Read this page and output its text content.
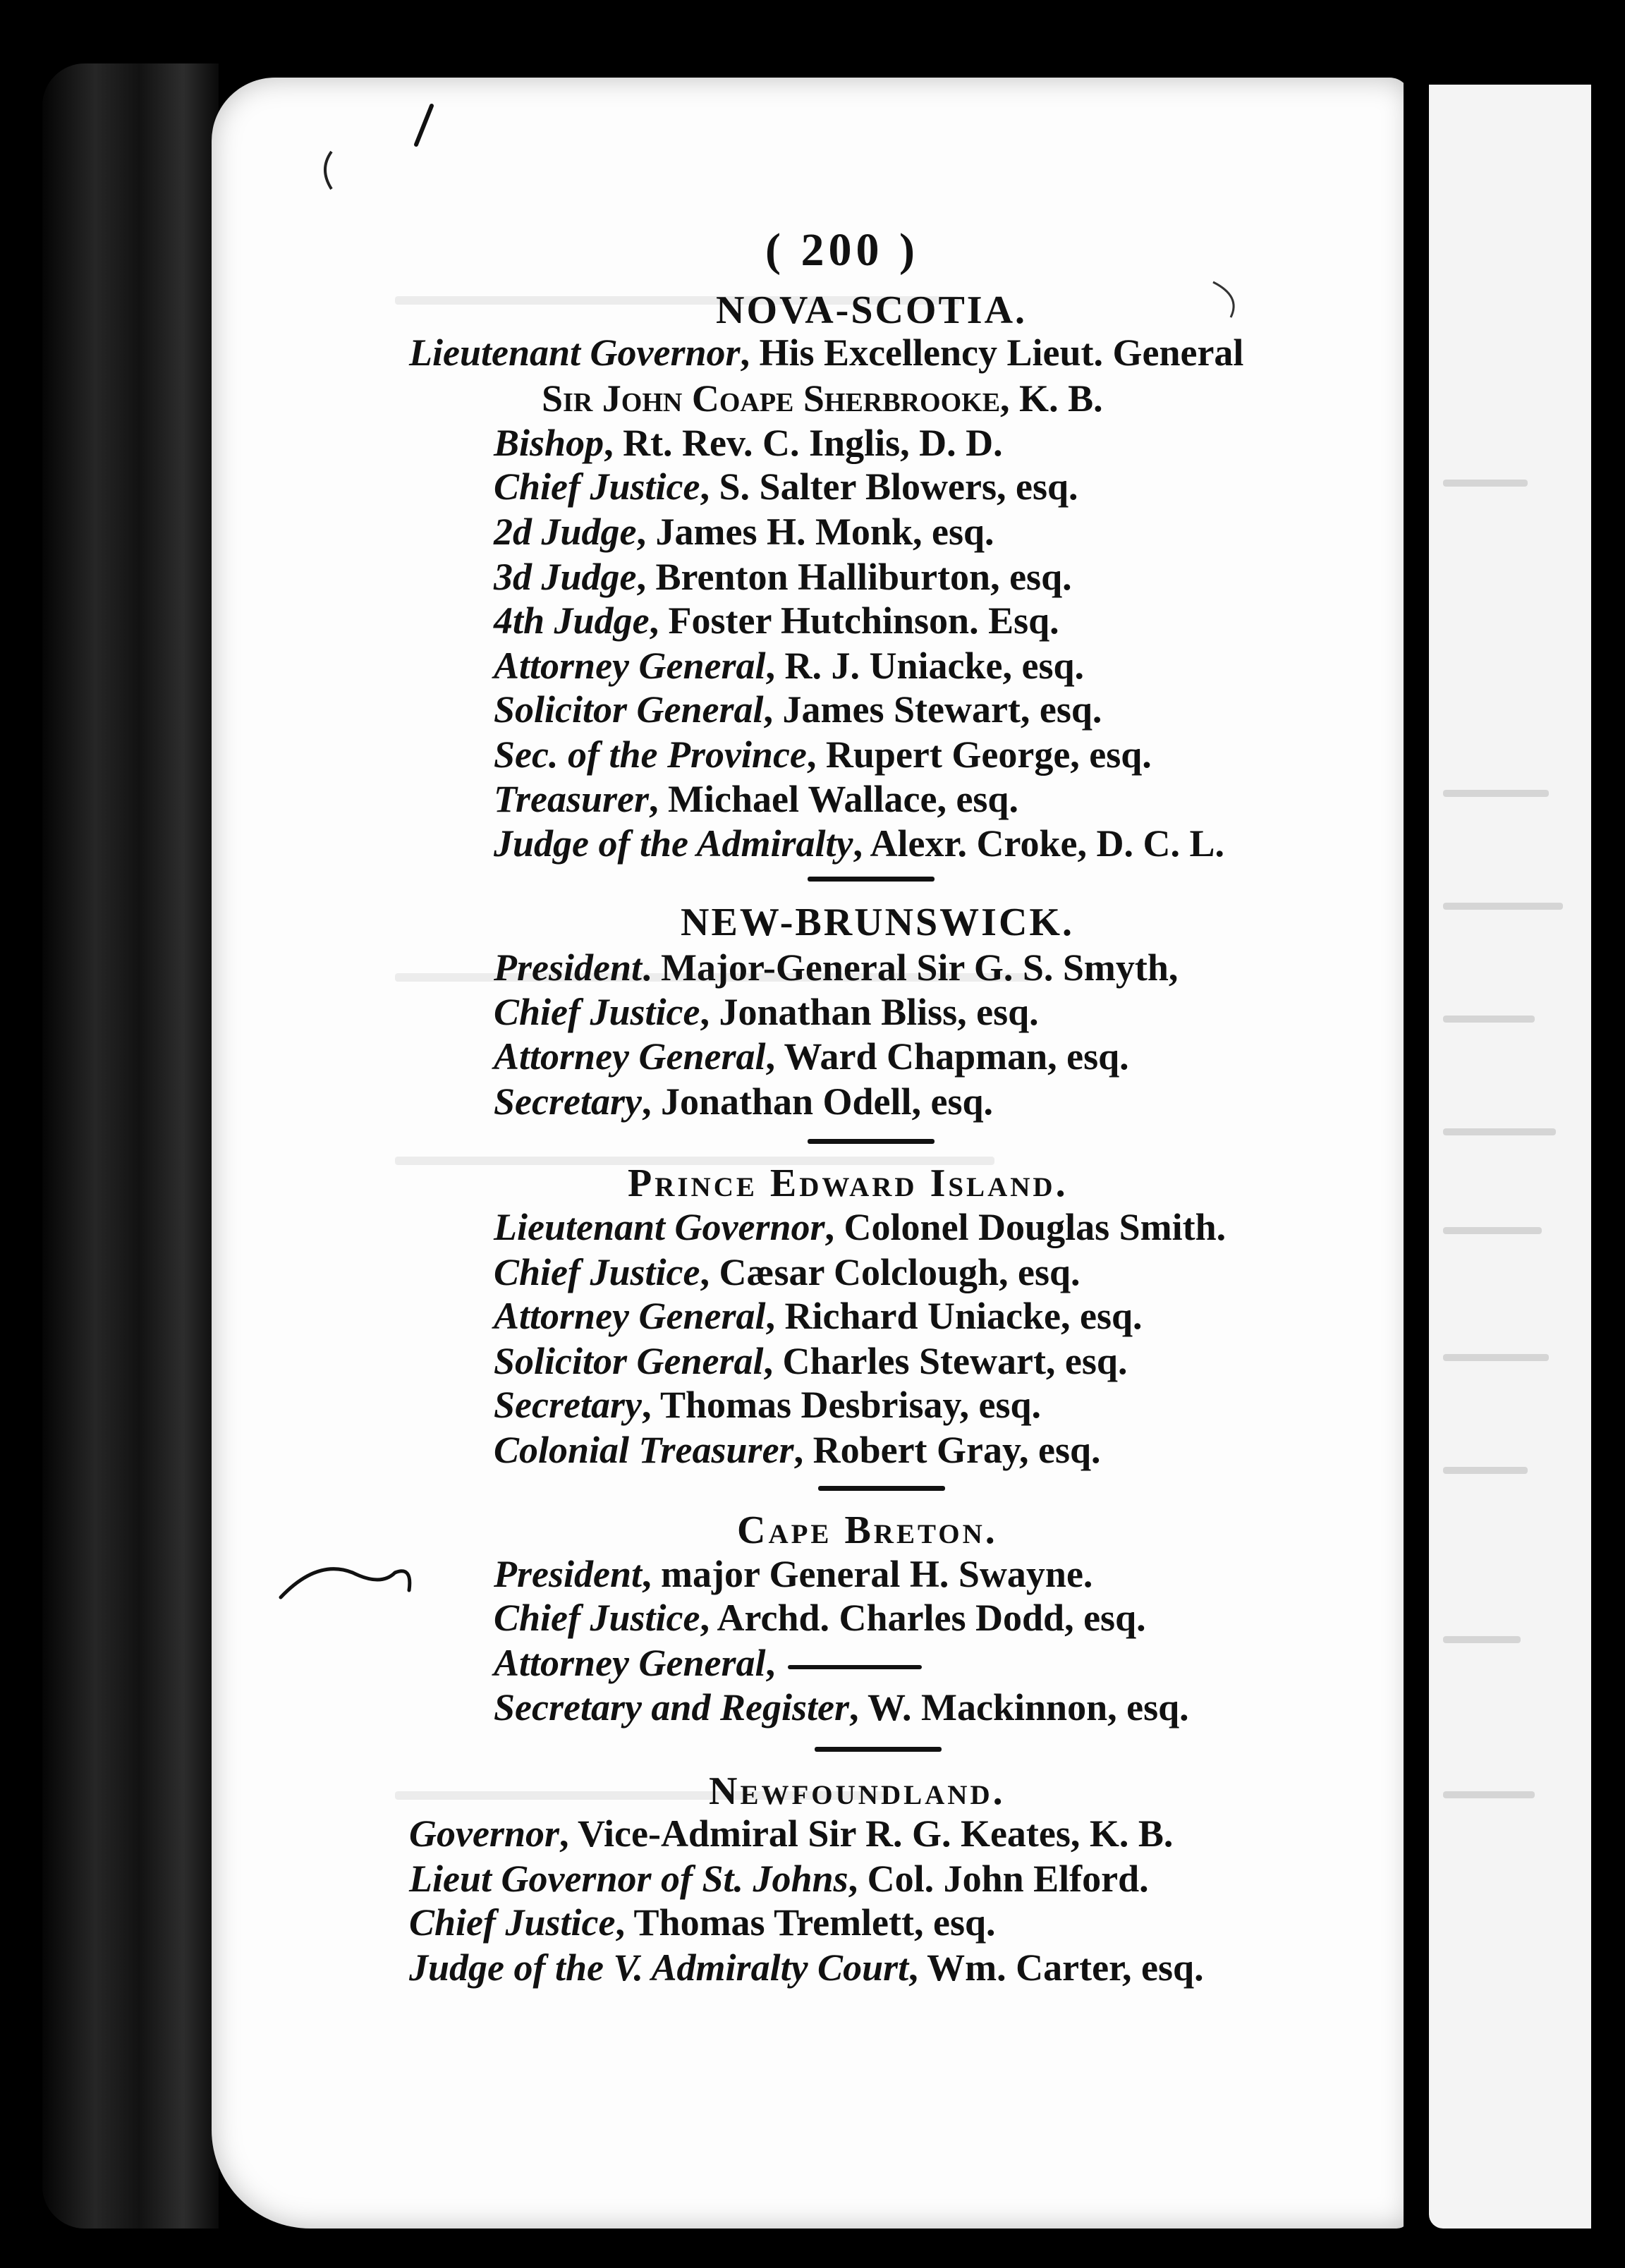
( 200 )
NOVA-SCOTIA.
Lieutenant Governor, His Excellency Lieut. General
Sir John Coape Sherbrooke, K. B.
Bishop, Rt. Rev. C. Inglis, D. D.
Chief Justice, S. Salter Blowers, esq.
2d Judge, James H. Monk, esq.
3d Judge, Brenton Halliburton, esq.
4th Judge, Foster Hutchinson. Esq.
Attorney General, R. J. Uniacke, esq.
Solicitor General, James Stewart, esq.
Sec. of the Province, Rupert George, esq.
Treasurer, Michael Wallace, esq.
Judge of the Admiralty, Alexr. Croke, D. C. L.
NEW-BRUNSWICK.
President. Major-General Sir G. S. Smyth,
Chief Justice, Jonathan Bliss, esq.
Attorney General, Ward Chapman, esq.
Secretary, Jonathan Odell, esq.
Prince Edward Island.
Lieutenant Governor, Colonel Douglas Smith.
Chief Justice, Cæsar Colclough, esq.
Attorney General, Richard Uniacke, esq.
Solicitor General, Charles Stewart, esq.
Secretary, Thomas Desbrisay, esq.
Colonial Treasurer, Robert Gray, esq.
Cape Breton.
President, major General H. Swayne.
Chief Justice, Archd. Charles Dodd, esq.
Attorney General,
Secretary and Register, W. Mackinnon, esq.
Newfoundland.
Governor, Vice-Admiral Sir R. G. Keates, K. B.
Lieut Governor of St. Johns, Col. John Elford.
Chief Justice, Thomas Tremlett, esq.
Judge of the V. Admiralty Court, Wm. Carter, esq.
